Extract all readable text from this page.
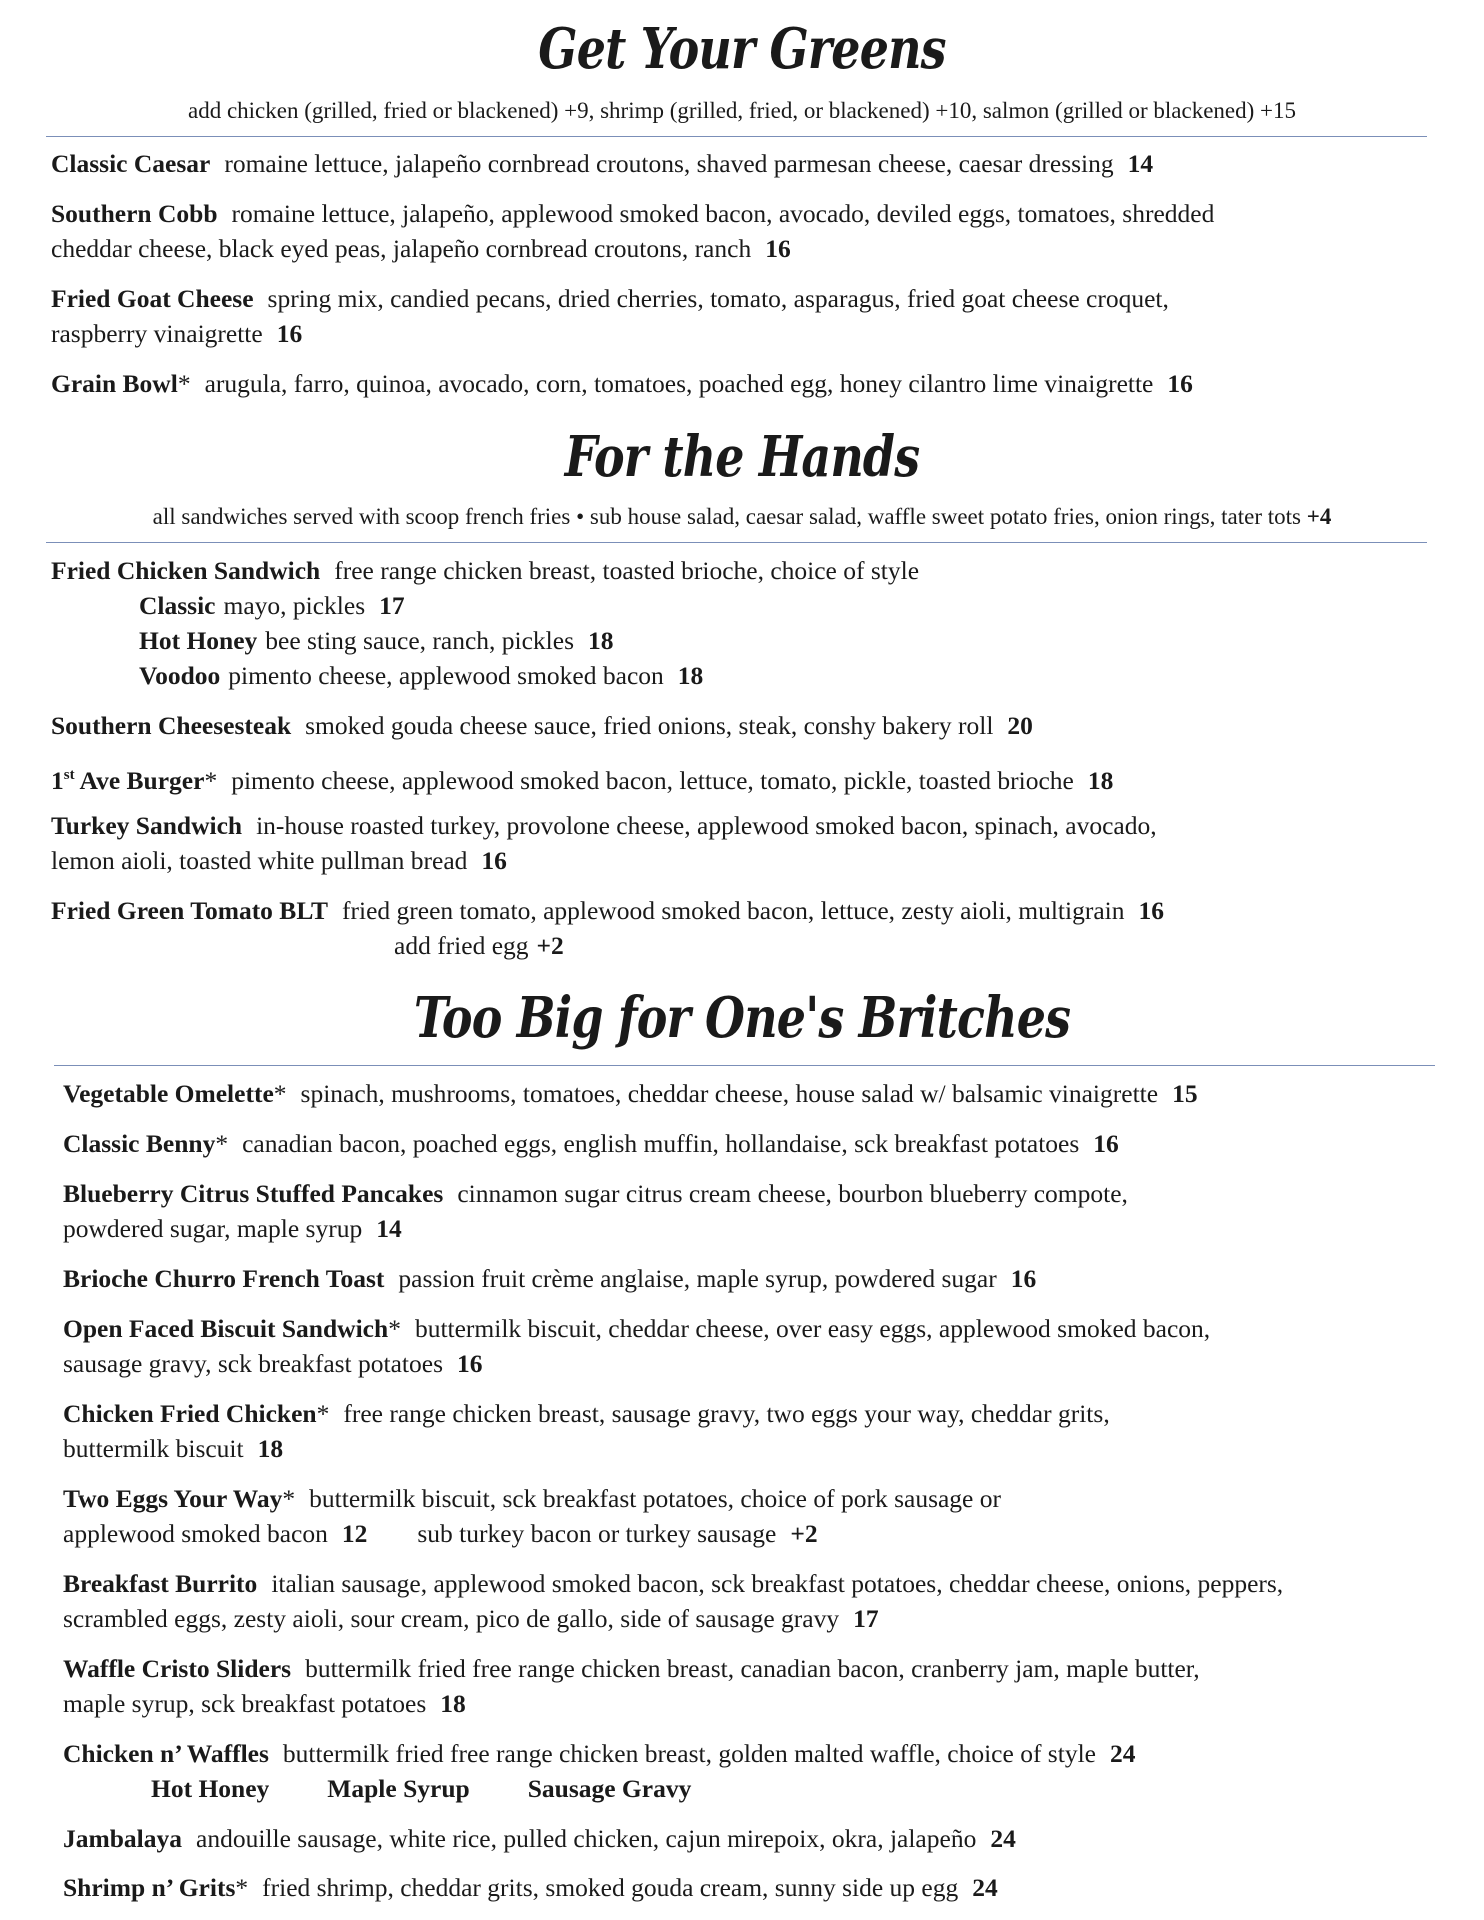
Get Your Greens
add chicken (grilled, fried or blackened) +9, shrimp (grilled, fried, or blackened) +10, salmon (grilled or blackened) +15
Classic Caesar romaine lettuce, jalapeño cornbread croutons, shaved parmesan cheese, caesar dressing 14
Southern Cobb romaine lettuce, jalapeño, applewood smoked bacon, avocado, deviled eggs, tomatoes, shredded
cheddar cheese, black eyed peas, jalapeño cornbread croutons, ranch 16
Fried Goat Cheese spring mix, candied pecans, dried cherries, tomato, asparagus, fried goat cheese croquet,
raspberry vinaigrette 16
Grain Bowl* arugula, farro, quinoa, avocado, corn, tomatoes, poached egg, honey cilantro lime vinaigrette 16
For the Hands
all sandwiches served with scoop french fries • sub house salad, caesar salad, waffle sweet potato fries, onion rings, tater tots +4
Fried Chicken Sandwich free range chicken breast, toasted brioche, choice of style
Classic mayo, pickles 17
Hot Honey bee sting sauce, ranch, pickles 18
Voodoo pimento cheese, applewood smoked bacon 18
Southern Cheesesteak smoked gouda cheese sauce, fried onions, steak, conshy bakery roll 20
1st Ave Burger* pimento cheese, applewood smoked bacon, lettuce, tomato, pickle, toasted brioche 18
Turkey Sandwich in-house roasted turkey, provolone cheese, applewood smoked bacon, spinach, avocado,
lemon aioli, toasted white pullman bread 16
Fried Green Tomato BLT fried green tomato, applewood smoked bacon, lettuce, zesty aioli, multigrain 16
add fried egg +2
Too Big for One's Britches
Vegetable Omelette* spinach, mushrooms, tomatoes, cheddar cheese, house salad w/ balsamic vinaigrette 15
Classic Benny* canadian bacon, poached eggs, english muffin, hollandaise, sck breakfast potatoes 16
Blueberry Citrus Stuffed Pancakes cinnamon sugar citrus cream cheese, bourbon blueberry compote,
powdered sugar, maple syrup 14
Brioche Churro French Toast passion fruit crème anglaise, maple syrup, powdered sugar 16
Open Faced Biscuit Sandwich* buttermilk biscuit, cheddar cheese, over easy eggs, applewood smoked bacon,
sausage gravy, sck breakfast potatoes 16
Chicken Fried Chicken* free range chicken breast, sausage gravy, two eggs your way, cheddar grits,
buttermilk biscuit 18
Two Eggs Your Way* buttermilk biscuit, sck breakfast potatoes, choice of pork sausage or
applewood smoked bacon 12 sub turkey bacon or turkey sausage +2
Breakfast Burrito italian sausage, applewood smoked bacon, sck breakfast potatoes, cheddar cheese, onions, peppers,
scrambled eggs, zesty aioli, sour cream, pico de gallo, side of sausage gravy 17
Waffle Cristo Sliders buttermilk fried free range chicken breast, canadian bacon, cranberry jam, maple butter,
maple syrup, sck breakfast potatoes 18
Chicken n’ Waffles buttermilk fried free range chicken breast, golden malted waffle, choice of style 24
Hot Honey Maple Syrup Sausage Gravy
Jambalaya andouille sausage, white rice, pulled chicken, cajun mirepoix, okra, jalapeño 24
Shrimp n’ Grits* fried shrimp, cheddar grits, smoked gouda cream, sunny side up egg 24
